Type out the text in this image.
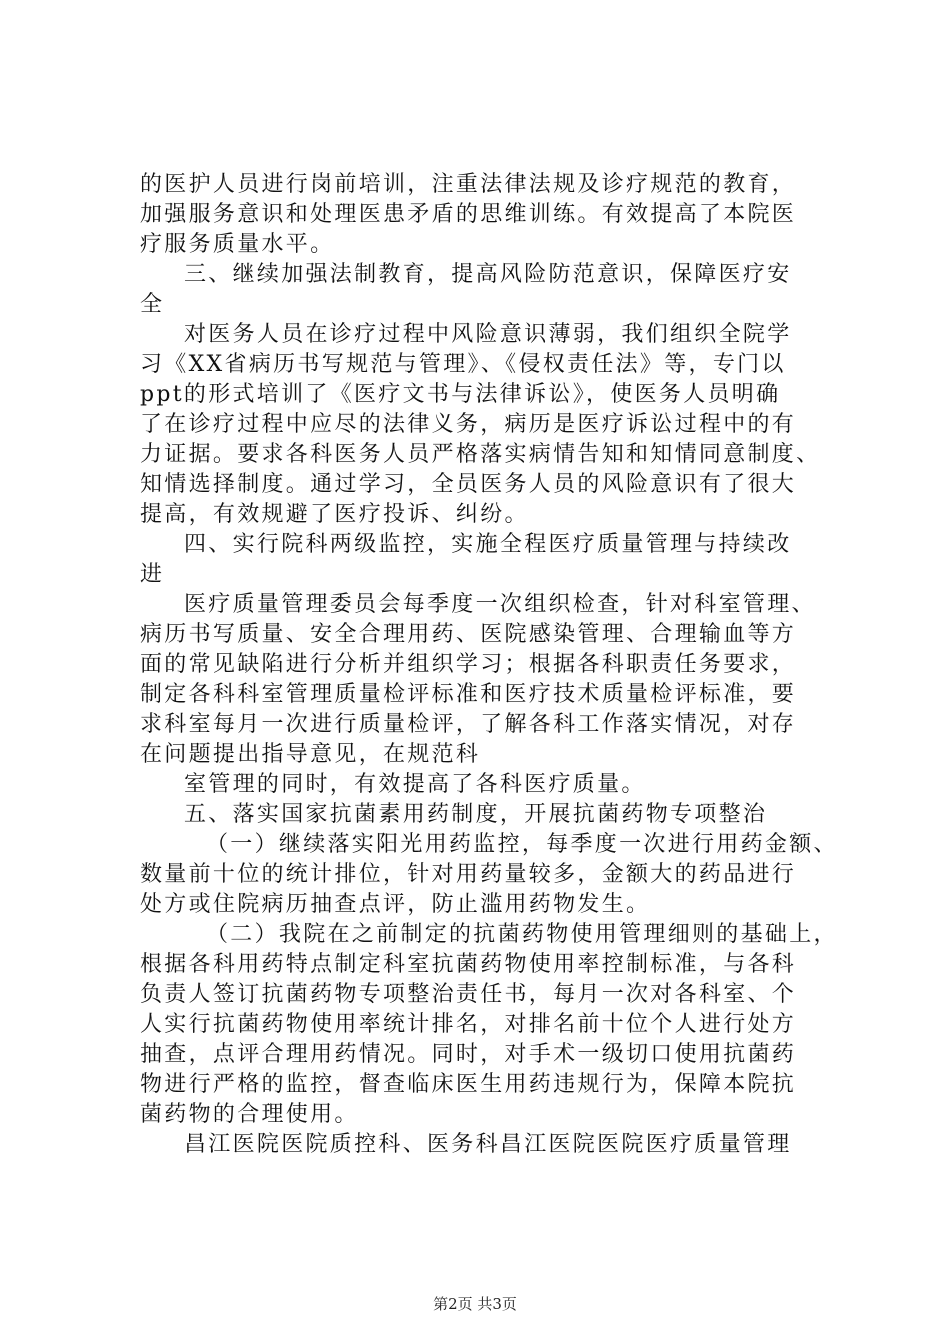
的医护人员进行岗前培训，注重法律法规及诊疗规范的教育，
加强服务意识和处理医患矛盾的思维训练。有效提高了本院医
疗服务质量水平。
三、继续加强法制教育，提高风险防范意识，保障医疗安
全
对医务人员在诊疗过程中风险意识薄弱，我们组织全院学
习《XX省病历书写规范与管理》、《侵权责任法》等，专门以
ppt的形式培训了《医疗文书与法律诉讼》，使医务人员明确
了在诊疗过程中应尽的法律义务，病历是医疗诉讼过程中的有
力证据。要求各科医务人员严格落实病情告知和知情同意制度、
知情选择制度。通过学习，全员医务人员的风险意识有了很大
提高，有效规避了医疗投诉、纠纷。
四、实行院科两级监控，实施全程医疗质量管理与持续改
进
医疗质量管理委员会每季度一次组织检查，针对科室管理、
病历书写质量、安全合理用药、医院感染管理、合理输血等方
面的常见缺陷进行分析并组织学习；根据各科职责任务要求，
制定各科科室管理质量检评标准和医疗技术质量检评标准，要
求科室每月一次进行质量检评，了解各科工作落实情况，对存
在问题提出指导意见，在规范科
室管理的同时，有效提高了各科医疗质量。
五、落实国家抗菌素用药制度，开展抗菌药物专项整治
（一）继续落实阳光用药监控，每季度一次进行用药金额、
数量前十位的统计排位，针对用药量较多，金额大的药品进行
处方或住院病历抽查点评，防止滥用药物发生。
（二）我院在之前制定的抗菌药物使用管理细则的基础上，
根据各科用药特点制定科室抗菌药物使用率控制标准，与各科
负责人签订抗菌药物专项整治责任书，每月一次对各科室、个
人实行抗菌药物使用率统计排名，对排名前十位个人进行处方
抽查，点评合理用药情况。同时，对手术一级切口使用抗菌药
物进行严格的监控，督查临床医生用药违规行为，保障本院抗
菌药物的合理使用。
昌江医院医院质控科、医务科昌江医院医院医疗质量管理
第2页 共3页
